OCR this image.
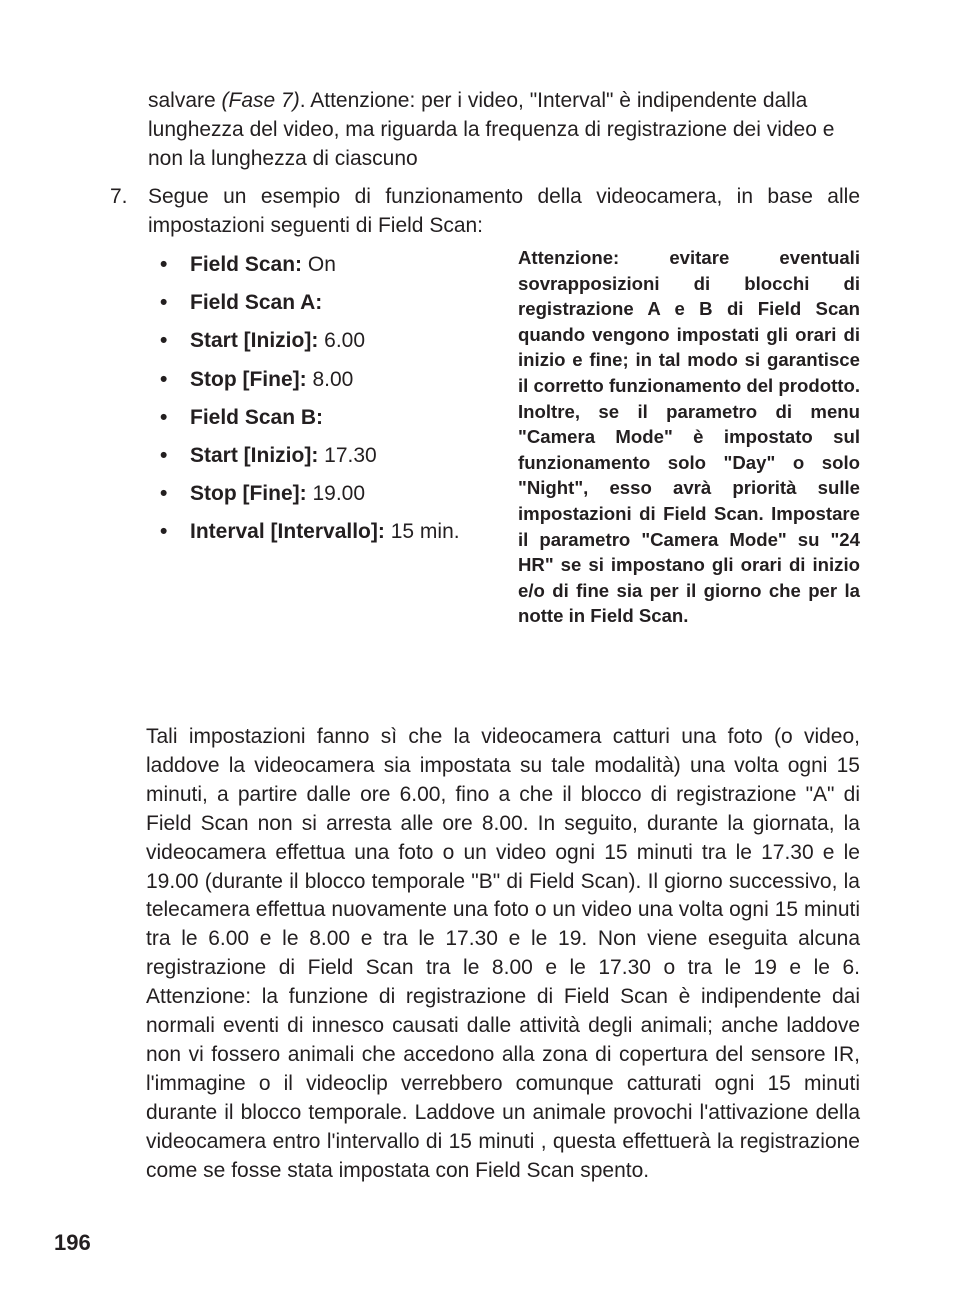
salvare (Fase 7). Attenzione: per i video, "Interval" è indipendente dalla lunghezza del video, ma riguarda la frequenza di registrazione dei video e non la lunghezza di ciascuno

7. Segue un esempio di funzionamento della videocamera, in base alle impostazioni seguenti di Field Scan:
• Field Scan: On
• Field Scan A:
• Start [Inizio]: 6.00
• Stop [Fine]: 8.00
• Field Scan B:
• Start [Inizio]: 17.30
• Stop [Fine]: 19.00
• Interval [Intervallo]: 15 min.

Attenzione: evitare eventuali sovrapposizioni di blocchi di registrazione A e B di Field Scan quando vengono impostati gli orari di inizio e fine; in tal modo si garantisce il corretto funzionamento del prodotto. Inoltre, se il parametro di menu "Camera Mode" è impostato sul funzionamento solo "Day" o solo "Night", esso avrà priorità sulle impostazioni di Field Scan. Impostare il parametro "Camera Mode" su "24 HR" se si impostano gli orari di inizio e/o di fine sia per il giorno che per la notte in Field Scan.

Tali impostazioni fanno sì che la videocamera catturi una foto (o video, laddove la videocamera sia impostata su tale modalità) una volta ogni 15 minuti, a partire dalle ore 6.00, fino a che il blocco di registrazione "A" di Field Scan non si arresta alle ore 8.00. In seguito, durante la giornata, la videocamera effettua una foto o un video ogni 15 minuti tra le 17.30 e le 19.00 (durante il blocco temporale "B" di Field Scan). Il giorno successivo, la telecamera effettua nuovamente una foto o un video una volta ogni 15 minuti tra le 6.00 e le 8.00 e tra le 17.30 e le 19. Non viene eseguita alcuna registrazione di Field Scan tra le 8.00 e le 17.30 o tra le 19 e le 6. Attenzione: la funzione di registrazione di Field Scan è indipendente dai normali eventi di innesco causati dalle attività degli animali; anche laddove non vi fossero animali che accedono alla zona di copertura del sensore IR, l'immagine o il videoclip verrebbero comunque catturati ogni 15 minuti durante il blocco temporale. Laddove un animale provochi l'attivazione della videocamera entro l'intervallo di 15 minuti , questa effettuerà la registrazione come se fosse stata impostata con Field Scan spento.

196
